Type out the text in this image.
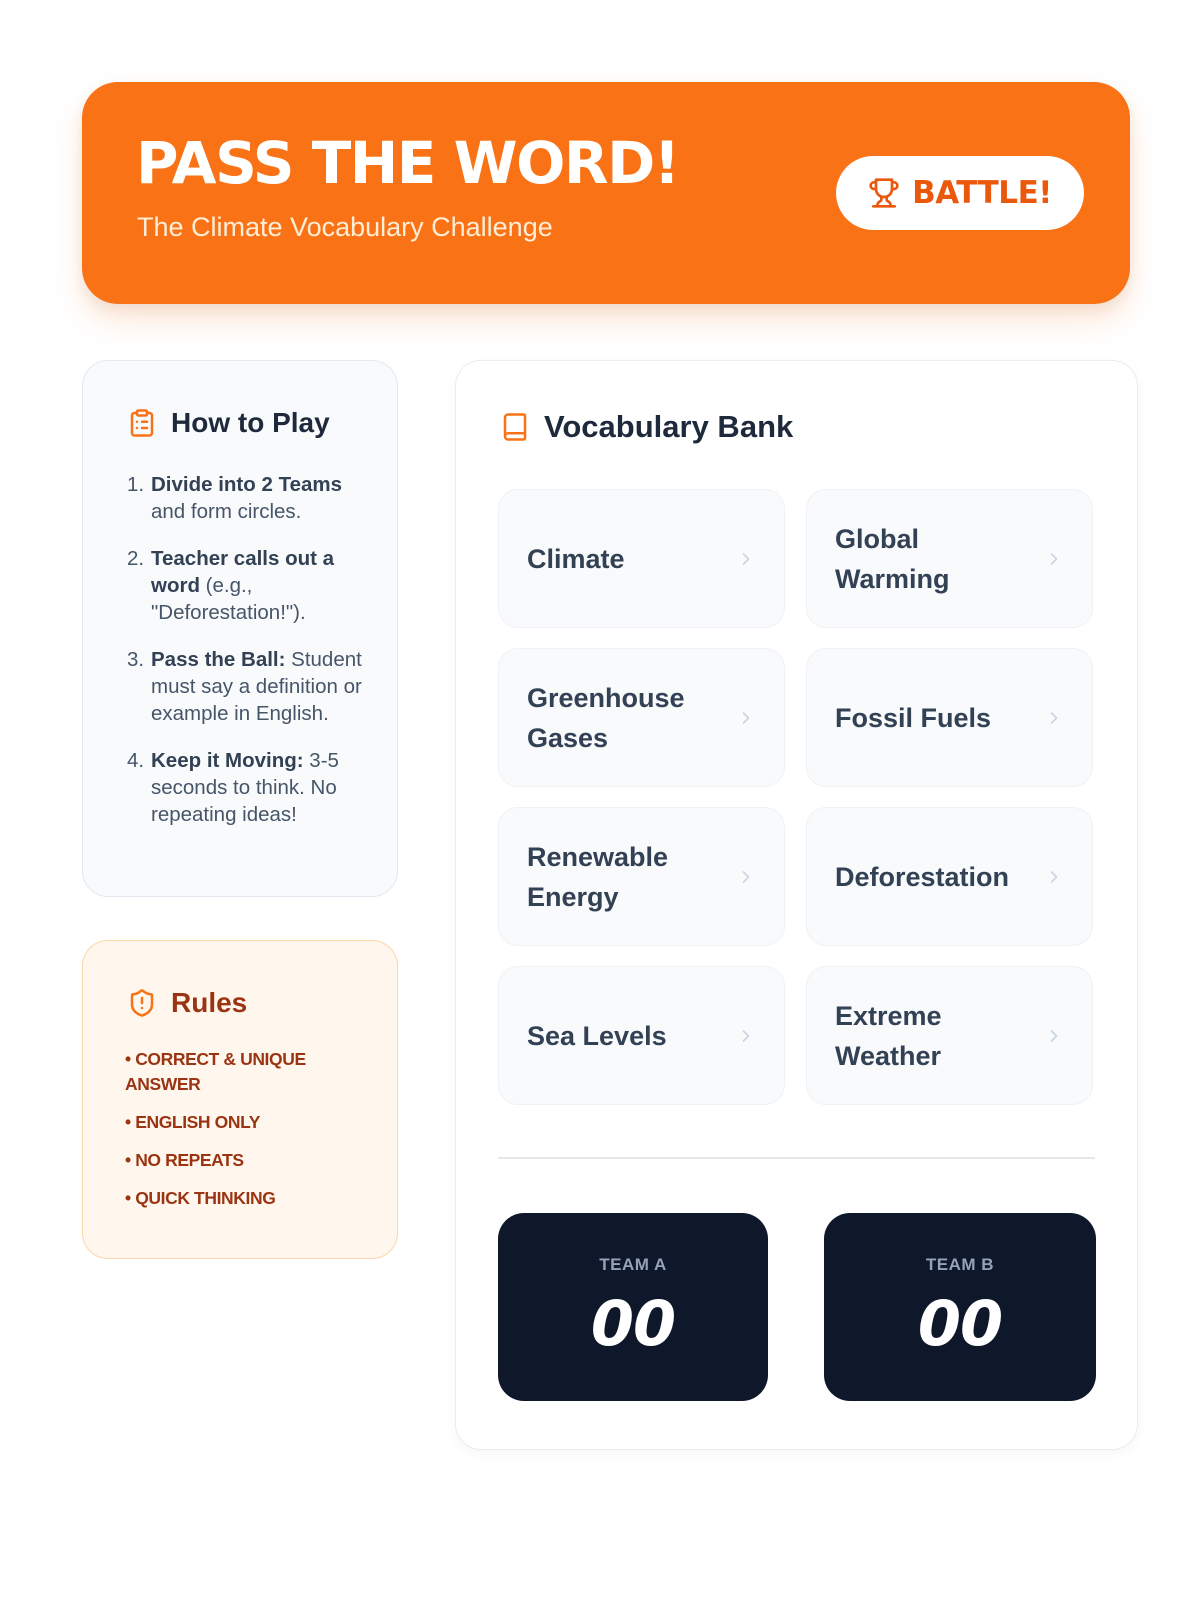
PASS THE WORD!
The Climate Vocabulary Challenge
BATTLE!
How to Play
1. Divide into 2 Teams and form circles.
2. Teacher calls out a word (e.g., "Deforestation!").
3. Pass the Ball: Student must say a definition or example in English.
4. Keep it Moving: 3-5 seconds to think. No repeating ideas!
Rules
• CORRECT & UNIQUE ANSWER
• ENGLISH ONLY
• NO REPEATS
• QUICK THINKING
Vocabulary Bank
Climate
Global Warming
Greenhouse Gases
Fossil Fuels
Renewable Energy
Deforestation
Sea Levels
Extreme Weather
TEAM A
00
TEAM B
00
